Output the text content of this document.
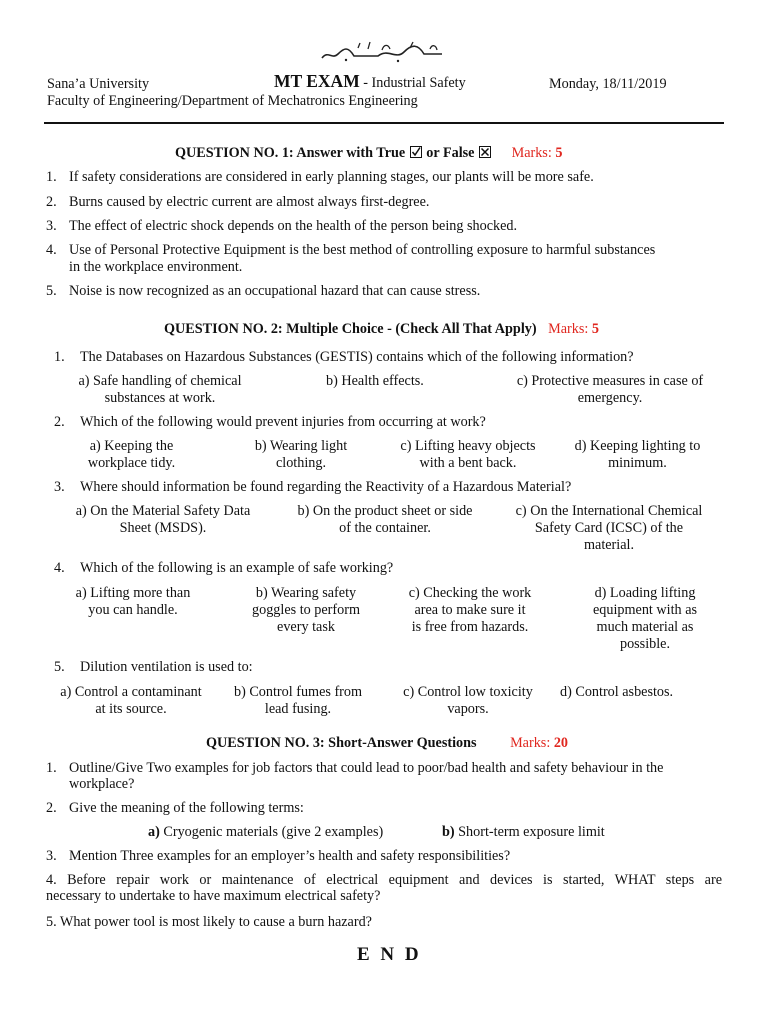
Sana’a University	MT EXAM - Industrial Safety	Monday, 18/11/2019
Faculty of Engineering/Department of Mechatronics Engineering
QUESTION NO. 1: Answer with True or False ☒ Marks: 5
1. If safety considerations are considered in early planning stages, our plants will be more safe.
2. Burns caused by electric current are almost always first-degree.
3. The effect of electric shock depends on the health of the person being shocked.
4. Use of Personal Protective Equipment is the best method of controlling exposure to harmful substances
in the workplace environment.
5. Noise is now recognized as an occupational hazard that can cause stress.
QUESTION NO. 2: Multiple Choice - (Check All That Apply) Marks: 5
1.	The Databases on Hazardous Substances (GESTIS) contains which of the following information?
a) Safe handling of chemical
substances at work.
b) Health effects.	c) Protective measures in case of
emergency.
2.	Which of the following would prevent injuries from occurring at work?
a) Keeping the
workplace tidy.
b) Wearing light
clothing.
c) Lifting heavy objects
with a bent back.
d) Keeping lighting to
minimum.
3.	Where should information be found regarding the Reactivity of a Hazardous Material?
a) On the Material Safety Data
Sheet (MSDS).
b) On the product sheet or side
of the container.
c) On the International Chemical
Safety Card (ICSC) of the
material.
4.	Which of the following is an example of safe working?
a) Lifting more than
you can handle.
b) Wearing safety
goggles to perform
every task
c) Checking the work
area to make sure it
is free from hazards.
d) Loading lifting
equipment with as
much material as
possible.
5.	Dilution ventilation is used to:
a) Control a contaminant
at its source.
b) Control fumes from
lead fusing.
c) Control low toxicity
vapors.
d) Control asbestos.
QUESTION NO. 3: Short-Answer Questions Marks: 20
1. Outline/Give Two examples for job factors that could lead to poor/bad health and safety behaviour in the
workplace?
2. Give the meaning of the following terms:
a) Cryogenic materials (give 2 examples)	b) Short-term exposure limit
3. Mention Three examples for an employer’s health and safety responsibilities?
4. Before repair work or maintenance of electrical equipment and devices is started, WHAT steps are
necessary to undertake to have maximum electrical safety?
5. What power tool is most likely to cause a burn hazard?
E N D
